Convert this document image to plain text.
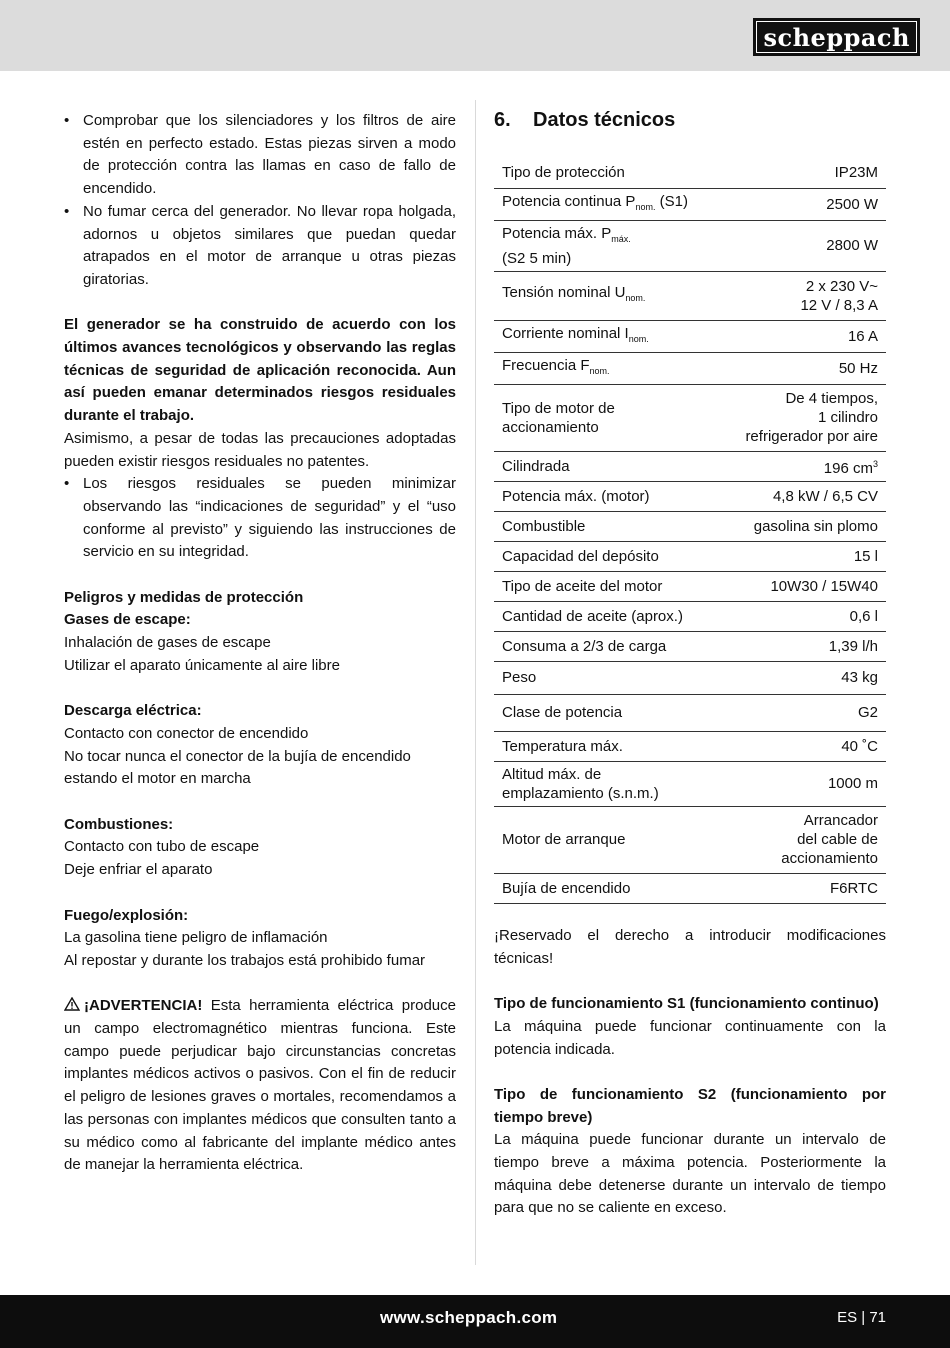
scheppach
• Comprobar que los silenciadores y los filtros de aire estén en perfecto estado. Estas piezas sirven a modo de protección contra las llamas en caso de fallo de encendido.
• No fumar cerca del generador. No llevar ropa holgada, adornos u objetos similares que puedan quedar atrapados en el motor de arranque u otras piezas giratorias.

El generador se ha construido de acuerdo con los últimos avances tecnológicos y observando las reglas técnicas de seguridad de aplicación reconocida. Aun así pueden emanar determinados riesgos residuales durante el trabajo.

Asimismo, a pesar de todas las precauciones adoptadas pueden existir riesgos residuales no patentes.

• Los riesgos residuales se pueden minimizar observando las “indicaciones de seguridad” y el “uso conforme al previsto” y siguiendo las instrucciones de servicio en su integridad.

Peligros y medidas de protección

Gases de escape:

Inhalación de gases de escape

Utilizar el aparato únicamente al aire libre

Descarga eléctrica:

Contacto con conector de encendido

No tocar nunca el conector de la bujía de encendido estando el motor en marcha

Combustiones:

Contacto con tubo de escape

Deje enfriar el aparato

Fuego/explosión:

La gasolina tiene peligro de inflamación

Al repostar y durante los trabajos está prohibido fumar

¡ADVERTENCIA! Esta herramienta eléctrica produce un campo electromagnético mientras funciona. Este campo puede perjudicar bajo circunstancias concretas implantes médicos activos o pasivos. Con el fin de reducir el peligro de lesiones graves o mortales, recomendamos a las personas con implantes médicos que consulten tanto a su médico como al fabricante del implante médico antes de manejar la herramienta eléctrica.

6.	Datos técnicos
Tipo de protección	IP23M
Potencia continua $P_{nom.}$ (S1)	2500 W
Potencia máx. $P_{máx.}$
(S2 5 min)	2800 W
Tensión nominal $U_{nom.}$	2 x 230 V~
12 V / 8,3 A
Corriente nominal $I_{nom.}$	16 A
Frecuencia $F_{nom.}$	50 Hz
Tipo de motor de
accionamiento	De 4 tiempos,
1 cilindro
refrigerador por aire
Cilindrada	196 $cm^3$
Potencia máx. (motor)	4,8 kW / 6,5 CV
Combustible	gasolina sin plomo
Capacidad del depósito	15 l
Tipo de aceite del motor	10W30 / 15W40
Cantidad de aceite (aprox.)	0,6 l
Consuma a 2/3 de carga	1,39 l/h
Peso	43 kg
Clase de potencia	G2
Temperatura máx.	40 ˚C
Altitud máx. de
emplazamiento (s.n.m.)	1000 m
Motor de arranque	Arrancador
del cable de
accionamiento
Bujía de encendido	F6RTC

¡Reservado el derecho a introducir modificaciones técnicas!

Tipo de funcionamiento S1 (funcionamiento continuo)

La máquina puede funcionar continuamente con la potencia indicada.

Tipo de funcionamiento S2 (funcionamiento por tiempo breve)

La máquina puede funcionar durante un intervalo de tiempo breve a máxima potencia. Posteriormente la máquina debe detenerse durante un intervalo de tiempo para que no se caliente en exceso.

www.scheppach.com	ES | 71
